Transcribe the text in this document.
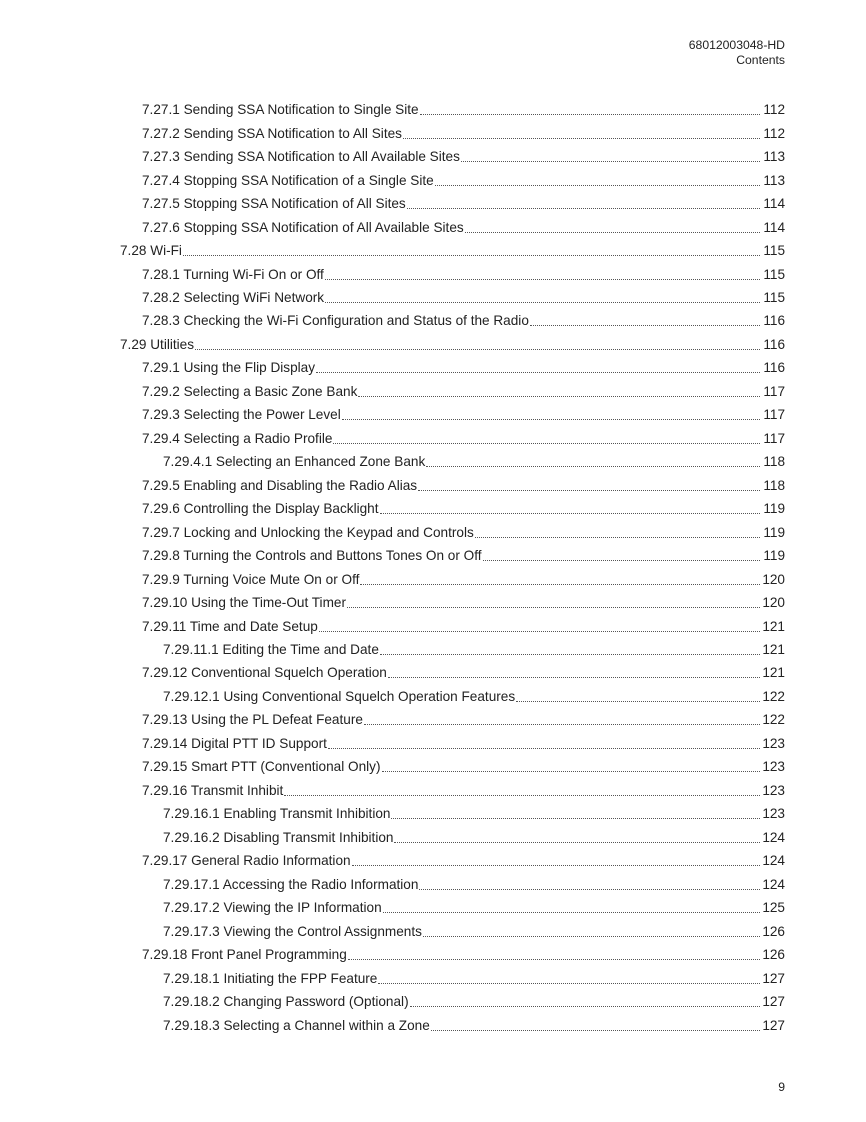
68012003048-HD
Contents
7.27.1 Sending SSA Notification to Single Site	112
7.27.2 Sending SSA Notification to All Sites	112
7.27.3 Sending SSA Notification to All Available Sites	113
7.27.4 Stopping SSA Notification of a Single Site	113
7.27.5 Stopping SSA Notification of All Sites	114
7.27.6 Stopping SSA Notification of All Available Sites	114
7.28 Wi-Fi	115
7.28.1 Turning Wi-Fi On or Off	115
7.28.2 Selecting WiFi Network	115
7.28.3 Checking the Wi-Fi Configuration and Status of the Radio	116
7.29 Utilities	116
7.29.1 Using the Flip Display	116
7.29.2 Selecting a Basic Zone Bank	117
7.29.3 Selecting the Power Level	117
7.29.4 Selecting a Radio Profile	117
7.29.4.1 Selecting an Enhanced Zone Bank	118
7.29.5 Enabling and Disabling the Radio Alias	118
7.29.6 Controlling the Display Backlight	119
7.29.7 Locking and Unlocking the Keypad and Controls	119
7.29.8 Turning the Controls and Buttons Tones On or Off	119
7.29.9 Turning Voice Mute On or Off	120
7.29.10 Using the Time-Out Timer	120
7.29.11 Time and Date Setup	121
7.29.11.1 Editing the Time and Date	121
7.29.12 Conventional Squelch Operation	121
7.29.12.1 Using Conventional Squelch Operation Features	122
7.29.13 Using the PL Defeat Feature	122
7.29.14 Digital PTT ID Support	123
7.29.15 Smart PTT (Conventional Only)	123
7.29.16 Transmit Inhibit	123
7.29.16.1 Enabling Transmit Inhibition	123
7.29.16.2 Disabling Transmit Inhibition	124
7.29.17 General Radio Information	124
7.29.17.1 Accessing the Radio Information	124
7.29.17.2 Viewing the IP Information	125
7.29.17.3 Viewing the Control Assignments	126
7.29.18 Front Panel Programming	126
7.29.18.1 Initiating the FPP Feature	127
7.29.18.2 Changing Password (Optional)	127
7.29.18.3 Selecting a Channel within a Zone	127
9
